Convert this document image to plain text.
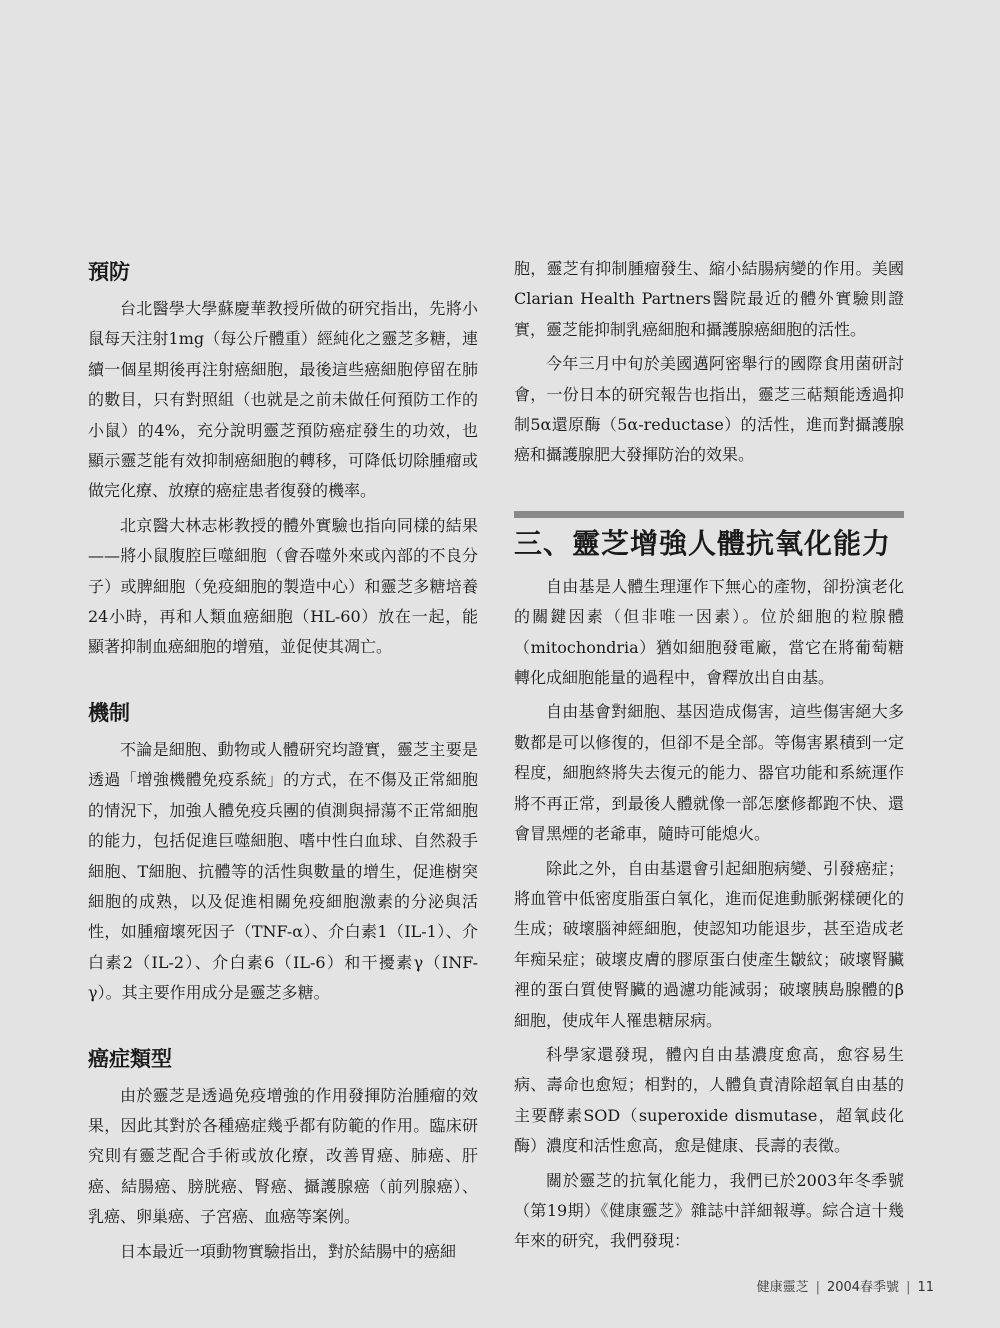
預防

台北醫學大學蘇慶華教授所做的研究指出，先將小鼠每天注射1mg（每公斤體重）經純化之靈芝多糖，連續一個星期後再注射癌細胞，最後這些癌細胞停留在肺的數目，只有對照組（也就是之前未做任何預防工作的小鼠）的4%，充分說明靈芝預防癌症發生的功效，也顯示靈芝能有效抑制癌細胞的轉移，可降低切除腫瘤或做完化療、放療的癌症患者復發的機率。

北京醫大林志彬教授的體外實驗也指向同樣的結果——將小鼠腹腔巨噬細胞（會吞噬外來或內部的不良分子）或脾細胞（免疫細胞的製造中心）和靈芝多糖培養24小時，再和人類血癌細胞（HL-60）放在一起，能顯著抑制血癌細胞的增殖，並促使其凋亡。

機制

不論是細胞、動物或人體研究均證實，靈芝主要是透過「增強機體免疫系統」的方式，在不傷及正常細胞的情況下，加強人體免疫兵團的偵測與掃蕩不正常細胞的能力，包括促進巨噬細胞、嗜中性白血球、自然殺手細胞、T細胞、抗體等的活性與數量的增生，促進樹突細胞的成熟，以及促進相關免疫細胞激素的分泌與活性，如腫瘤壞死因子（TNF-α）、介白素1（IL-1）、介白素2（IL-2）、介白素6（IL-6）和干擾素γ（INF-γ）。其主要作用成分是靈芝多糖。

癌症類型

由於靈芝是透過免疫增強的作用發揮防治腫瘤的效果，因此其對於各種癌症幾乎都有防範的作用。臨床研究則有靈芝配合手術或放化療，改善胃癌、肺癌、肝癌、結腸癌、膀胱癌、腎癌、攝護腺癌（前列腺癌）、乳癌、卵巢癌、子宮癌、血癌等案例。

日本最近一項動物實驗指出，對於結腸中的癌細

胞，靈芝有抑制腫瘤發生、縮小結腸病變的作用。美國Clarian Health Partners醫院最近的體外實驗則證實，靈芝能抑制乳癌細胞和攝護腺癌細胞的活性。

今年三月中旬於美國邁阿密舉行的國際食用菌研討會，一份日本的研究報告也指出，靈芝三萜類能透過抑制5α還原酶（5α-reductase）的活性，進而對攝護腺癌和攝護腺肥大發揮防治的效果。

三、靈芝增強人體抗氧化能力

自由基是人體生理運作下無心的產物，卻扮演老化的關鍵因素（但非唯一因素）。位於細胞的粒腺體（mitochondria）猶如細胞發電廠，當它在將葡萄糖轉化成細胞能量的過程中，會釋放出自由基。

自由基會對細胞、基因造成傷害，這些傷害絕大多數都是可以修復的，但卻不是全部。等傷害累積到一定程度，細胞終將失去復元的能力、器官功能和系統運作將不再正常，到最後人體就像一部怎麼修都跑不快、還會冒黑煙的老爺車，隨時可能熄火。

除此之外，自由基還會引起細胞病變、引發癌症；將血管中低密度脂蛋白氧化，進而促進動脈粥樣硬化的生成；破壞腦神經細胞，使認知功能退步，甚至造成老年痴呆症；破壞皮膚的膠原蛋白使產生皺紋；破壞腎臟裡的蛋白質使腎臟的過濾功能減弱；破壞胰島腺體的β細胞，使成年人罹患糖尿病。

科學家還發現，體內自由基濃度愈高，愈容易生病、壽命也愈短；相對的，人體負責清除超氧自由基的主要酵素SOD（superoxide dismutase，超氧歧化酶）濃度和活性愈高，愈是健康、長壽的表徵。

關於靈芝的抗氧化能力，我們已於2003年冬季號（第19期）《健康靈芝》雜誌中詳細報導。綜合這十幾年來的研究，我們發現：

健康靈芝 | 2004春季號 | 11
